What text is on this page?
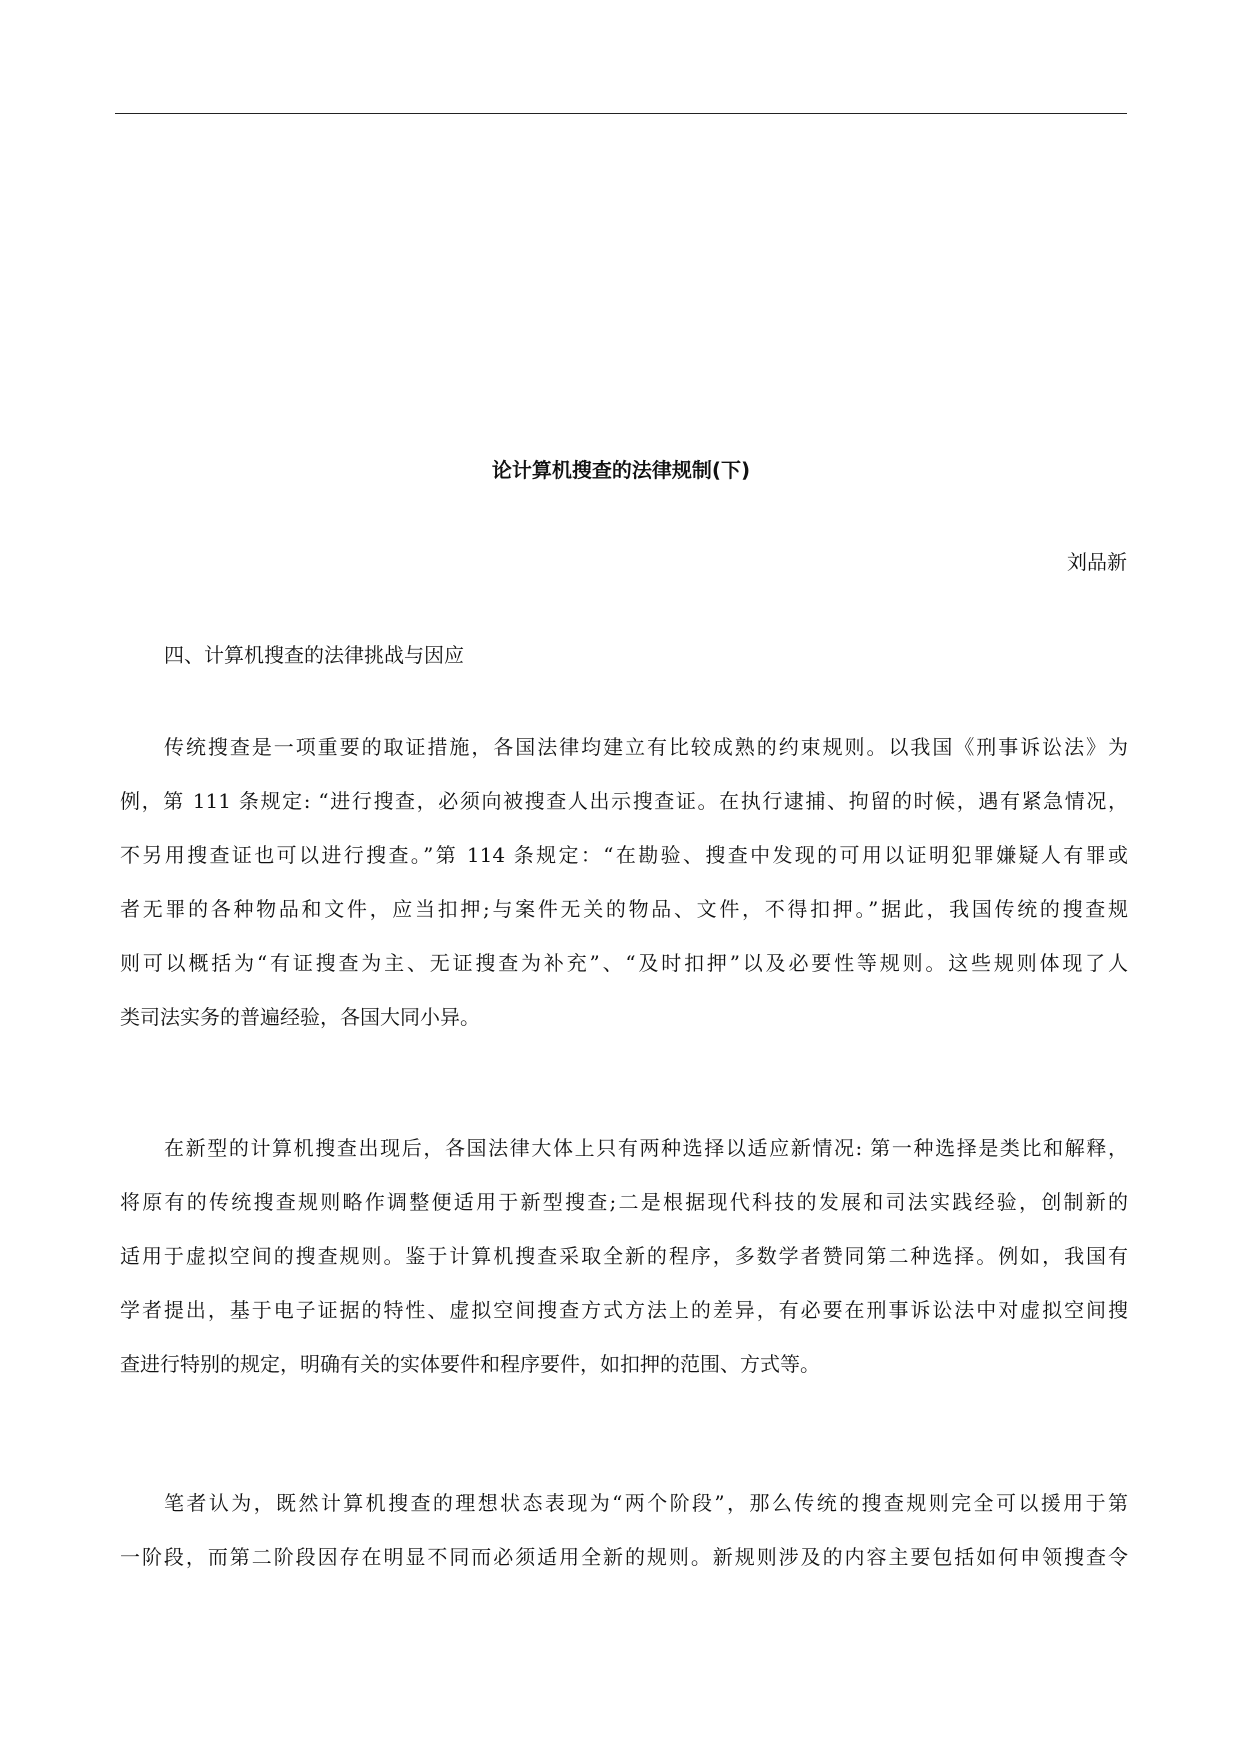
论计算机搜查的法律规制(下)
刘品新
四、计算机搜查的法律挑战与因应
传统搜查是一项重要的取证措施，各国法律均建立有比较成熟的约束规则。以我国《刑事诉讼法》为
例，第 111 条规定: “进行搜查，必须向被搜查人出示搜查证。在执行逮捕、拘留的时候，遇有紧急情况，
不另用搜查证也可以进行搜查。”第 114 条规定：“在勘验、搜查中发现的可用以证明犯罪嫌疑人有罪或
者无罪的各种物品和文件，应当扣押;与案件无关的物品、文件，不得扣押。”据此，我国传统的搜查规
则可以概括为“有证搜查为主、无证搜查为补充”、“及时扣押”以及必要性等规则。这些规则体现了人
类司法实务的普遍经验，各国大同小异。
在新型的计算机搜查出现后，各国法律大体上只有两种选择以适应新情况: 第一种选择是类比和解释，
将原有的传统搜查规则略作调整便适用于新型搜查;二是根据现代科技的发展和司法实践经验，创制新的
适用于虚拟空间的搜查规则。鉴于计算机搜查采取全新的程序，多数学者赞同第二种选择。例如，我国有
学者提出，基于电子证据的特性、虚拟空间搜查方式方法上的差异，有必要在刑事诉讼法中对虚拟空间搜
查进行特别的规定，明确有关的实体要件和程序要件，如扣押的范围、方式等。
笔者认为，既然计算机搜查的理想状态表现为“两个阶段”，那么传统的搜查规则完全可以援用于第
一阶段，而第二阶段因存在明显不同而必须适用全新的规则。新规则涉及的内容主要包括如何申领搜查令
